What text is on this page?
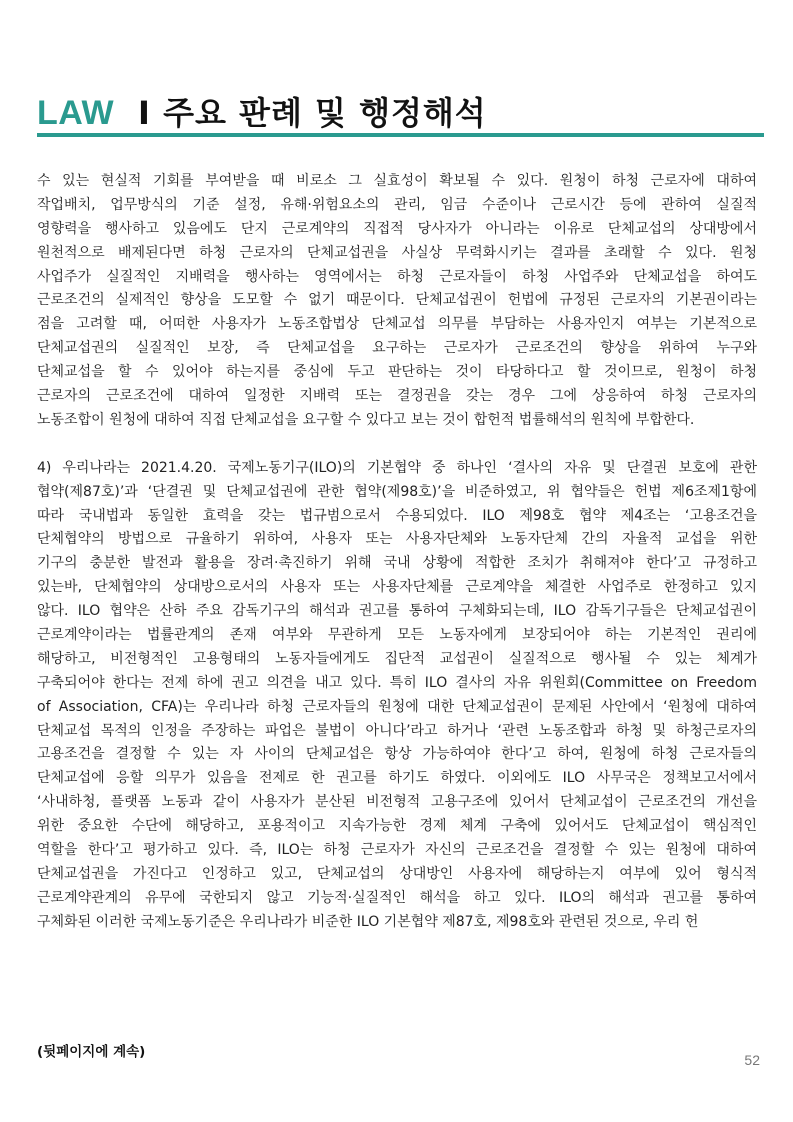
LAW Ⅰ 주요 판례 및 행정해석
수 있는 현실적 기회를 부여받을 때 비로소 그 실효성이 확보될 수 있다. 원청이 하청 근로자에 대하여
작업배치, 업무방식의 기준 설정, 유해·위험요소의 관리, 임금 수준이나 근로시간 등에 관하여 실질적
영향력을 행사하고 있음에도 단지 근로계약의 직접적 당사자가 아니라는 이유로 단체교섭의 상대방에서
원천적으로 배제된다면 하청 근로자의 단체교섭권을 사실상 무력화시키는 결과를 초래할 수 있다. 원청
사업주가 실질적인 지배력을 행사하는 영역에서는 하청 근로자들이 하청 사업주와 단체교섭을 하여도
근로조건의 실제적인 향상을 도모할 수 없기 때문이다. 단체교섭권이 헌법에 규정된 근로자의 기본권이라는
점을 고려할 때, 어떠한 사용자가 노동조합법상 단체교섭 의무를 부담하는 사용자인지 여부는 기본적으로
단체교섭권의 실질적인 보장, 즉 단체교섭을 요구하는 근로자가 근로조건의 향상을 위하여 누구와
단체교섭을 할 수 있어야 하는지를 중심에 두고 판단하는 것이 타당하다고 할 것이므로, 원청이 하청
근로자의 근로조건에 대하여 일정한 지배력 또는 결정권을 갖는 경우 그에 상응하여 하청 근로자의
노동조합이 원청에 대하여 직접 단체교섭을 요구할 수 있다고 보는 것이 합헌적 법률해석의 원칙에 부합한다.
4) 우리나라는 2021.4.20. 국제노동기구(ILO)의 기본협약 중 하나인 ‘결사의 자유 및 단결권 보호에 관한
협약(제87호)’과 ‘단결권 및 단체교섭권에 관한 협약(제98호)’을 비준하였고, 위 협약들은 헌법 제6조제1항에
따라 국내법과 동일한 효력을 갖는 법규범으로서 수용되었다. ILO 제98호 협약 제4조는 ‘고용조건을
단체협약의 방법으로 규율하기 위하여, 사용자 또는 사용자단체와 노동자단체 간의 자율적 교섭을 위한
기구의 충분한 발전과 활용을 장려·촉진하기 위해 국내 상황에 적합한 조치가 취해져야 한다’고 규정하고
있는바, 단체협약의 상대방으로서의 사용자 또는 사용자단체를 근로계약을 체결한 사업주로 한정하고 있지
않다. ILO 협약은 산하 주요 감독기구의 해석과 권고를 통하여 구체화되는데, ILO 감독기구들은 단체교섭권이
근로계약이라는 법률관계의 존재 여부와 무관하게 모든 노동자에게 보장되어야 하는 기본적인 권리에
해당하고, 비전형적인 고용형태의 노동자들에게도 집단적 교섭권이 실질적으로 행사될 수 있는 체계가
구축되어야 한다는 전제 하에 권고 의견을 내고 있다. 특히 ILO 결사의 자유 위원회(Committee on Freedom
of Association, CFA)는 우리나라 하청 근로자들의 원청에 대한 단체교섭권이 문제된 사안에서 ‘원청에 대하여
단체교섭 목적의 인정을 주장하는 파업은 불법이 아니다’라고 하거나 ‘관련 노동조합과 하청 및 하청근로자의
고용조건을 결정할 수 있는 자 사이의 단체교섭은 항상 가능하여야 한다’고 하여, 원청에 하청 근로자들의
단체교섭에 응할 의무가 있음을 전제로 한 권고를 하기도 하였다. 이외에도 ILO 사무국은 정책보고서에서
‘사내하청, 플랫폼 노동과 같이 사용자가 분산된 비전형적 고용구조에 있어서 단체교섭이 근로조건의 개선을
위한 중요한 수단에 해당하고, 포용적이고 지속가능한 경제 체계 구축에 있어서도 단체교섭이 핵심적인
역할을 한다’고 평가하고 있다. 즉, ILO는 하청 근로자가 자신의 근로조건을 결정할 수 있는 원청에 대하여
단체교섭권을 가진다고 인정하고 있고, 단체교섭의 상대방인 사용자에 해당하는지 여부에 있어 형식적
근로계약관계의 유무에 국한되지 않고 기능적·실질적인 해석을 하고 있다. ILO의 해석과 권고를 통하여
구체화된 이러한 국제노동기준은 우리나라가 비준한 ILO 기본협약 제87호, 제98호와 관련된 것으로, 우리 헌
(뒷페이지에 계속)	52
